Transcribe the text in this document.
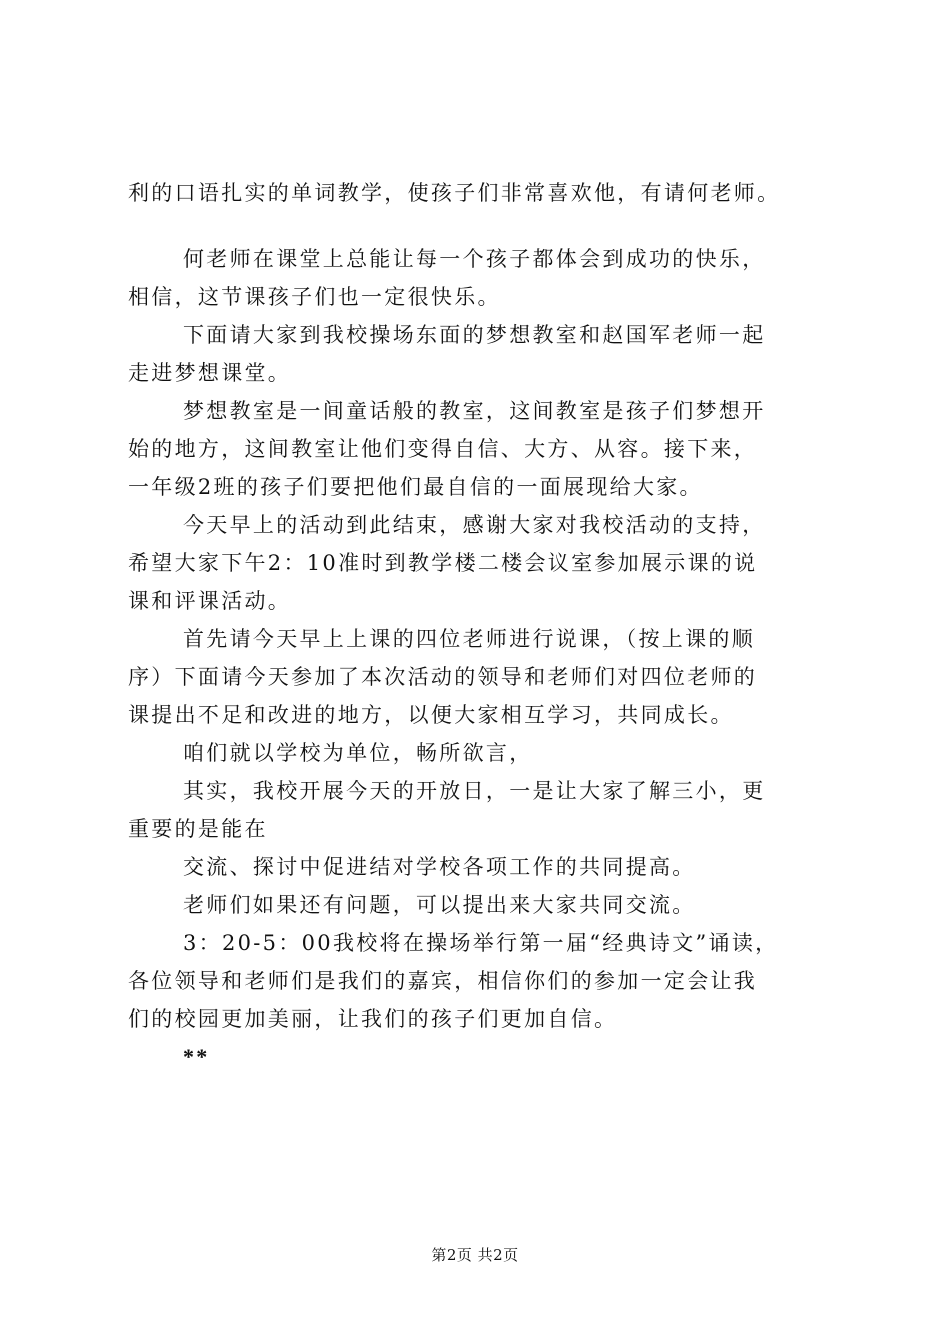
利的口语扎实的单词教学，使孩子们非常喜欢他，有请何老师。
何老师在课堂上总能让每一个孩子都体会到成功的快乐，
相信，这节课孩子们也一定很快乐。
下面请大家到我校操场东面的梦想教室和赵国军老师一起
走进梦想课堂。
梦想教室是一间童话般的教室，这间教室是孩子们梦想开
始的地方，这间教室让他们变得自信、大方、从容。接下来，
一年级2班的孩子们要把他们最自信的一面展现给大家。
今天早上的活动到此结束，感谢大家对我校活动的支持，
希望大家下午2：10准时到教学楼二楼会议室参加展示课的说
课和评课活动。
首先请今天早上上课的四位老师进行说课，（按上课的顺
序）下面请今天参加了本次活动的领导和老师们对四位老师的
课提出不足和改进的地方，以便大家相互学习，共同成长。
咱们就以学校为单位，畅所欲言，
其实，我校开展今天的开放日，一是让大家了解三小，更
重要的是能在
交流、探讨中促进结对学校各项工作的共同提高。
老师们如果还有问题，可以提出来大家共同交流。
3：20-5：00我校将在操场举行第一届“经典诗文”诵读，
各位领导和老师们是我们的嘉宾，相信你们的参加一定会让我
们的校园更加美丽，让我们的孩子们更加自信。
**
第2页 共2页
